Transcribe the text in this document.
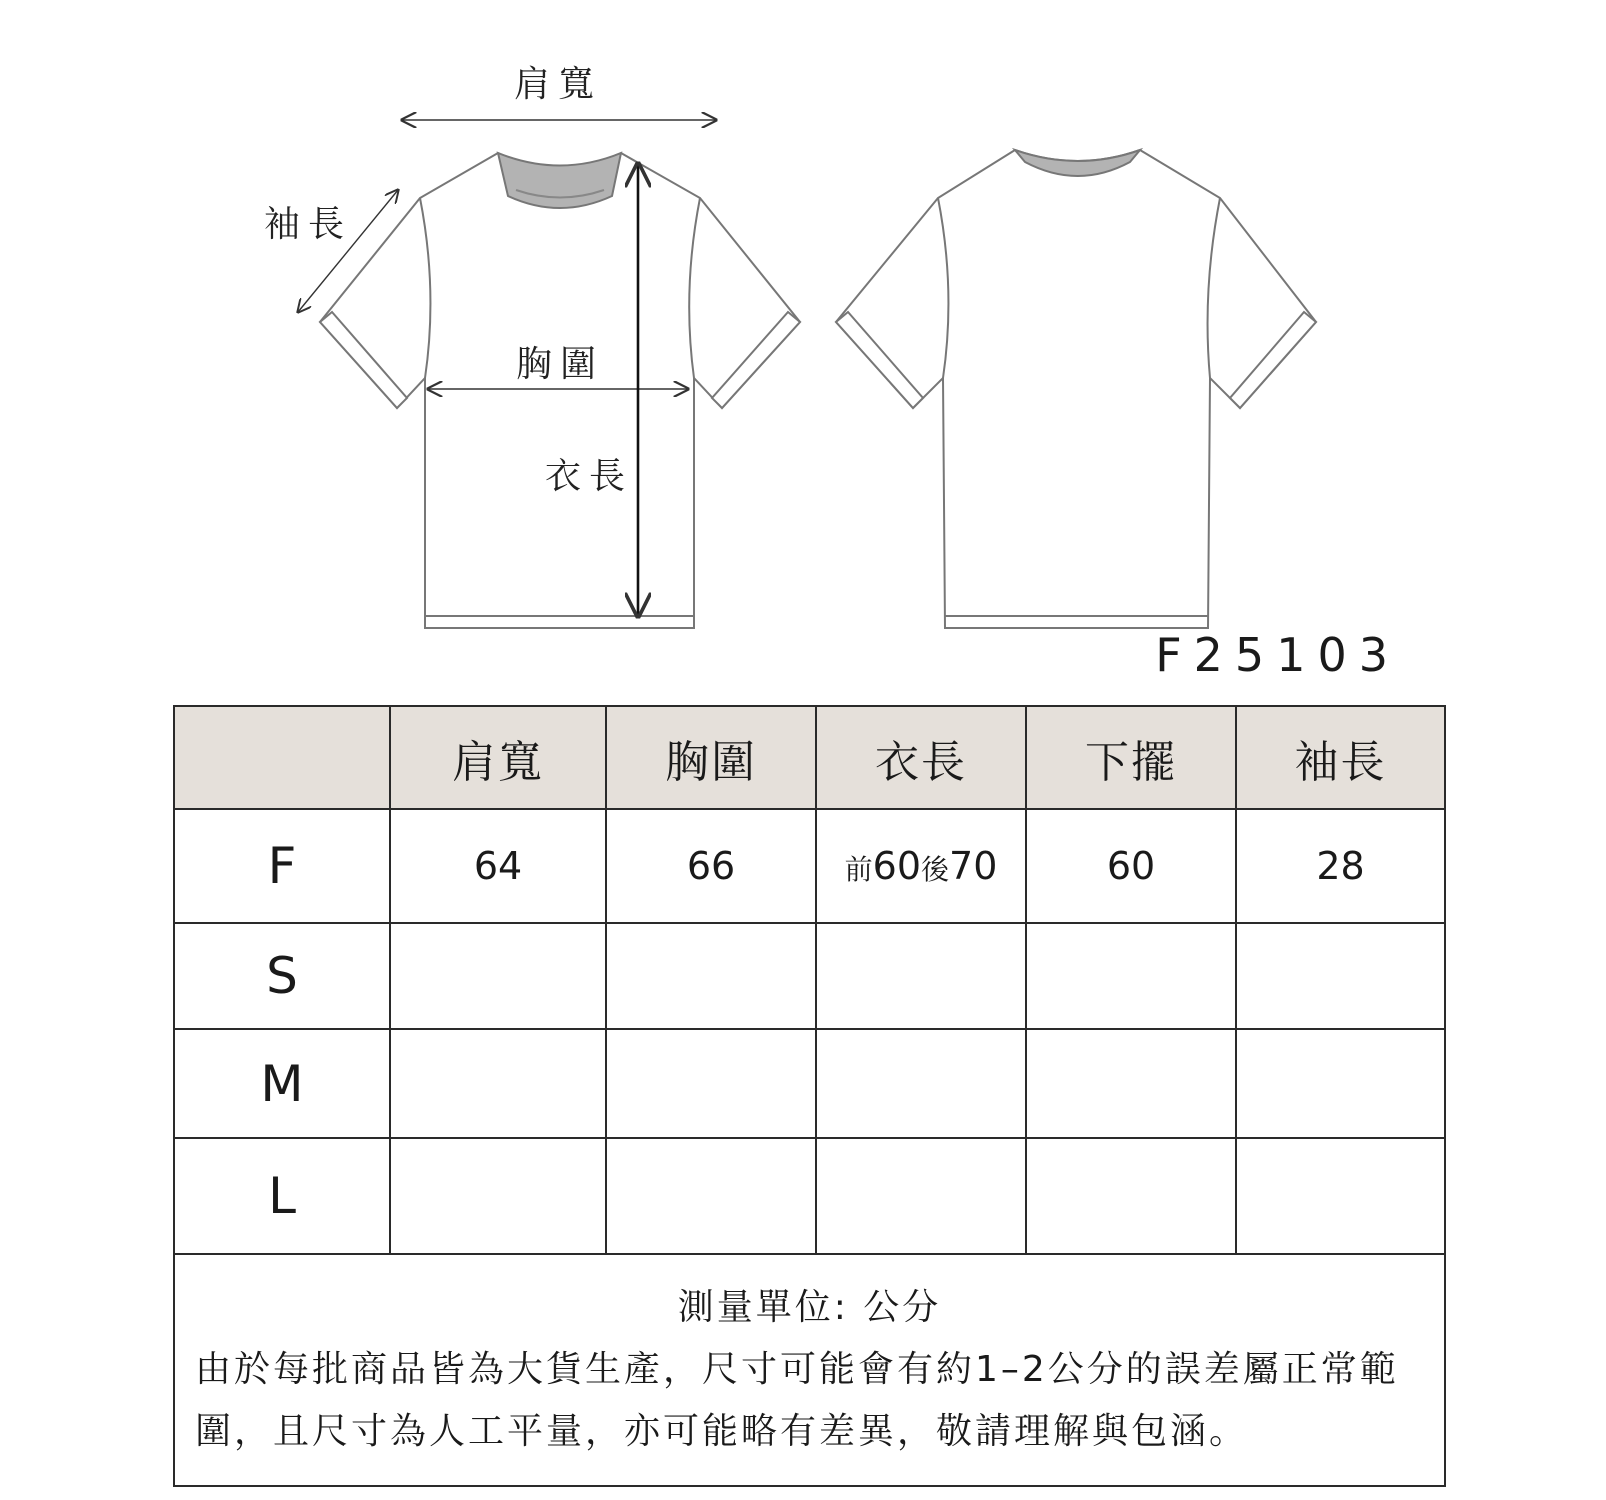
肩寬
袖長
胸圍
衣長
F25103
	肩寬	胸圍	衣長	下擺	袖長
F	64	66	前60後70	60	28
S					
M					
L					

測量單位: 公分
由於每批商品皆為大貨生產，尺寸可能會有約1–2公分的誤差屬正常範圍，且尺寸為人工平量，亦可能略有差異，敬請理解與包涵。					
